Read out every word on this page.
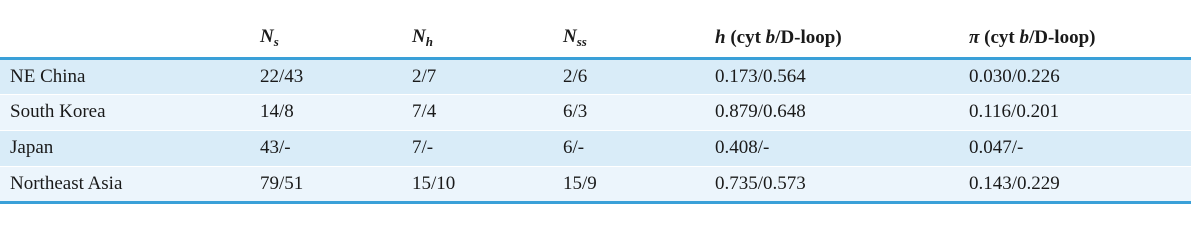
	$N_s$	$N_h$	$N_{ss}$	h (cyt b/D-loop)	π (cyt b/D-loop)
NE China	22/43	2/7	2/6	0.173/0.564	0.030/0.226
South Korea	14/8	7/4	6/3	0.879/0.648	0.116/0.201
Japan	43/-	7/-	6/-	0.408/-	0.047/-
Northeast Asia	79/51	15/10	15/9	0.735/0.573	0.143/0.229
